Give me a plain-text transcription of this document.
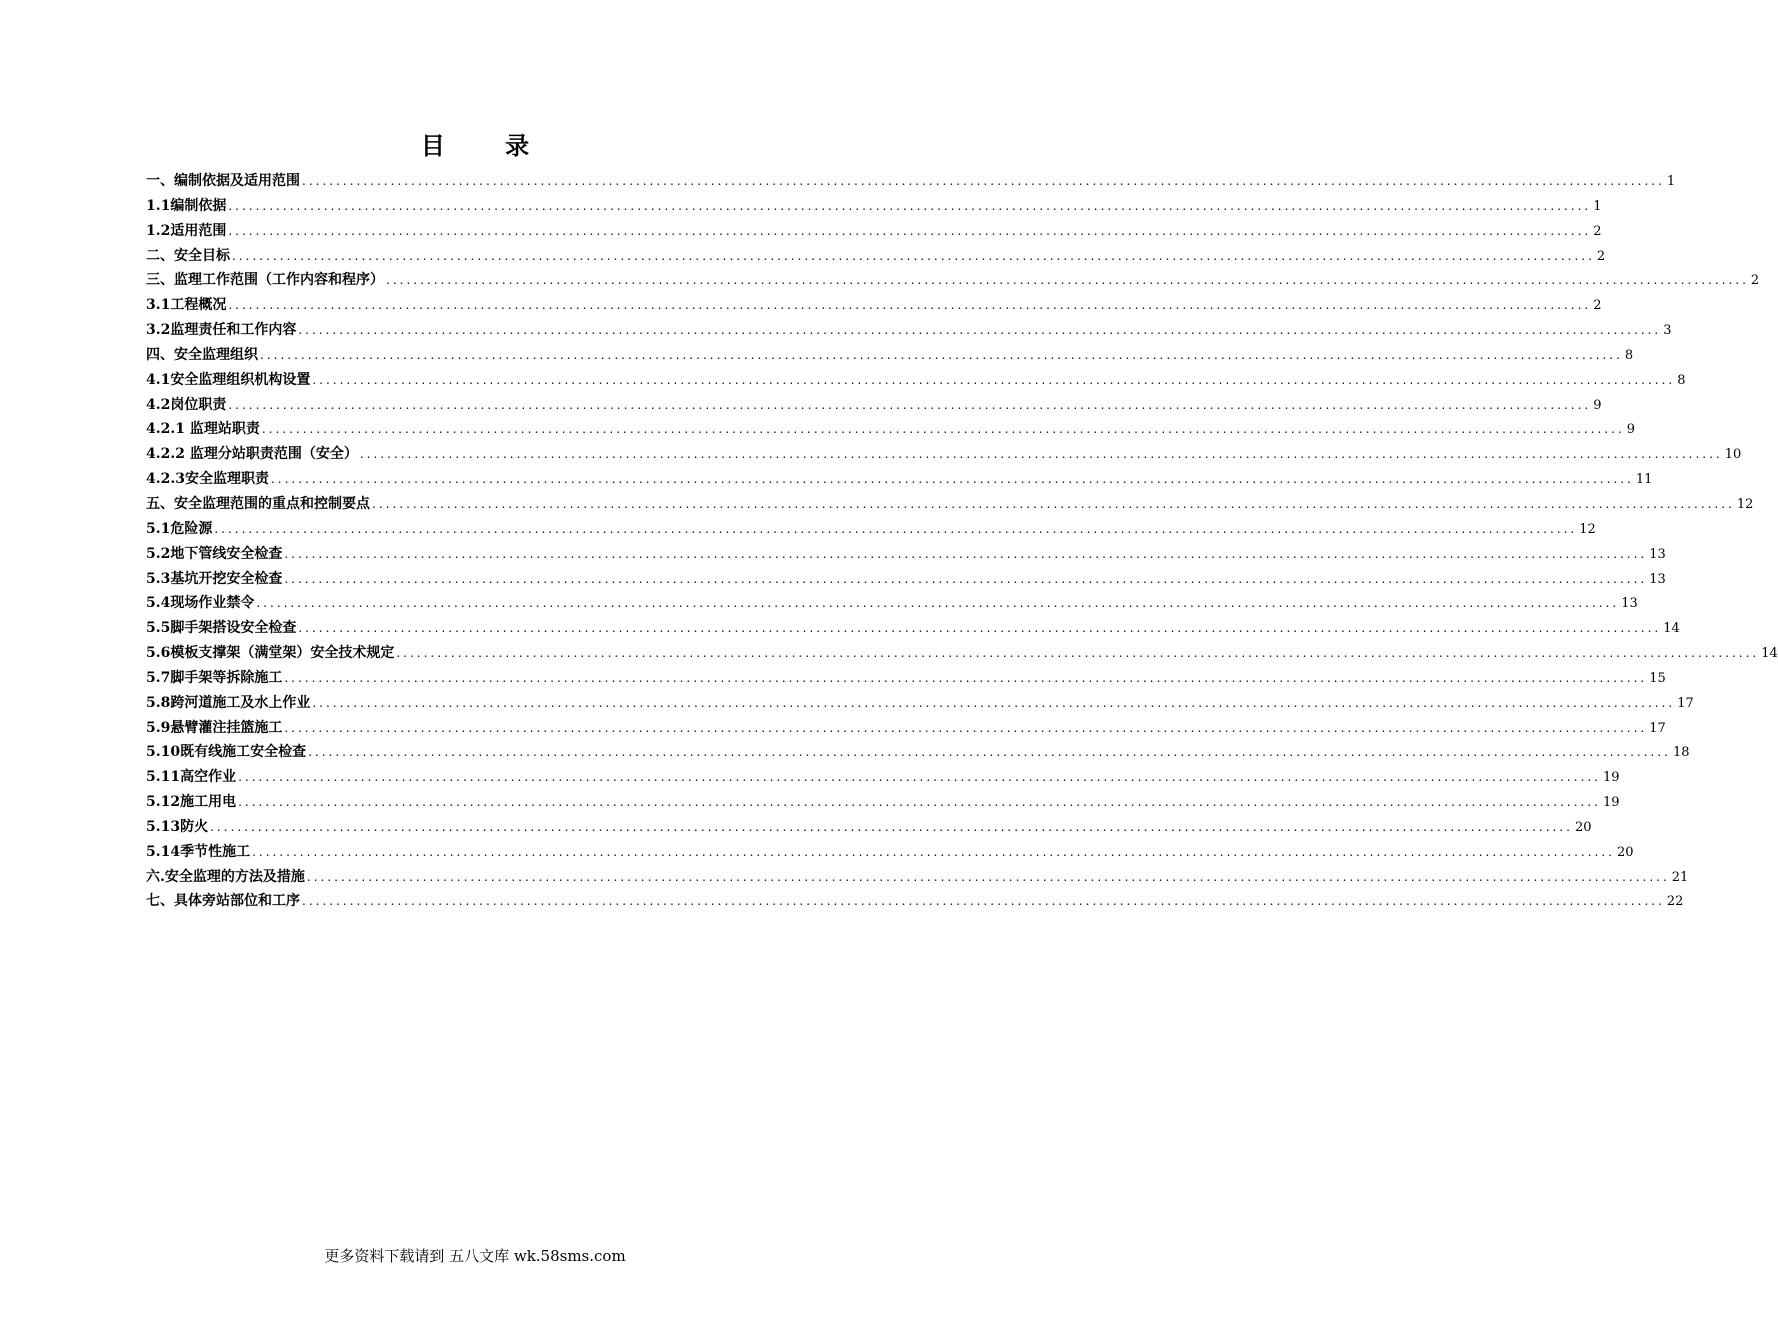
目 录
一、编制依据及适用范围 ........................................................................................................................................................................................................ 1
1.1编制依据 ........................................................................................................................................................................................................ 1
1.2适用范围 ........................................................................................................................................................................................................ 2
二、安全目标 ........................................................................................................................................................................................................ 2
三、监理工作范围（工作内容和程序） ........................................................................................................................................................................................................ 2
3.1工程概况 ........................................................................................................................................................................................................ 2
3.2监理责任和工作内容 ........................................................................................................................................................................................................ 3
四、安全监理组织 ........................................................................................................................................................................................................ 8
4.1安全监理组织机构设置 ........................................................................................................................................................................................................ 8
4.2岗位职责 ........................................................................................................................................................................................................ 9
4.2.1 监理站职责 ........................................................................................................................................................................................................ 9
4.2.2 监理分站职责范围（安全） ........................................................................................................................................................................................................ 10
4.2.3安全监理职责 ........................................................................................................................................................................................................ 11
五、安全监理范围的重点和控制要点 ........................................................................................................................................................................................................ 12
5.1危险源 ........................................................................................................................................................................................................ 12
5.2地下管线安全检查 ........................................................................................................................................................................................................ 13
5.3基坑开挖安全检查 ........................................................................................................................................................................................................ 13
5.4现场作业禁令 ........................................................................................................................................................................................................ 13
5.5脚手架搭设安全检查 ........................................................................................................................................................................................................ 14
5.6模板支撑架（满堂架）安全技术规定 ........................................................................................................................................................................................................ 14
5.7脚手架等拆除施工 ........................................................................................................................................................................................................ 15
5.8跨河道施工及水上作业 ........................................................................................................................................................................................................ 17
5.9悬臂灌注挂篮施工 ........................................................................................................................................................................................................ 17
5.10既有线施工安全检查 ........................................................................................................................................................................................................ 18
5.11高空作业 ........................................................................................................................................................................................................ 19
5.12施工用电 ........................................................................................................................................................................................................ 19
5.13防火 ........................................................................................................................................................................................................ 20
5.14季节性施工 ........................................................................................................................................................................................................ 20
六.安全监理的方法及措施 ........................................................................................................................................................................................................ 21
七、具体旁站部位和工序 ........................................................................................................................................................................................................ 22
更多资料下载请到 五八文库 wk.58sms.com
